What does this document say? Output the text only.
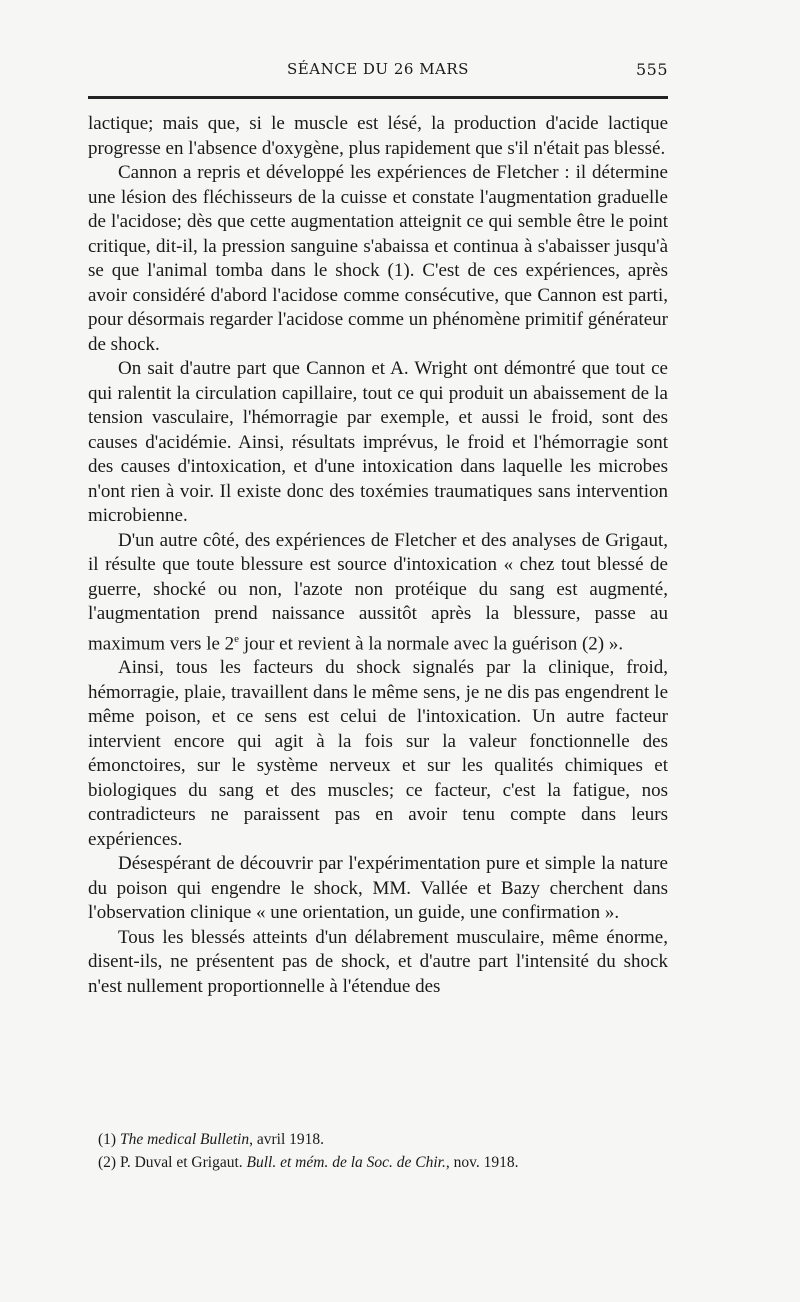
SÉANCE DU 26 MARS	555

lactique; mais que, si le muscle est lésé, la production d'acide lactique progresse en l'absence d'oxygène, plus rapidement que s'il n'était pas blessé.

Cannon a repris et développé les expériences de Fletcher : il détermine une lésion des fléchisseurs de la cuisse et constate l'augmentation graduelle de l'acidose; dès que cette augmentation atteignit ce qui semble être le point critique, dit-il, la pression sanguine s'abaissa et continua à s'abaisser jusqu'à se que l'animal tomba dans le shock (1). C'est de ces expériences, après avoir considéré d'abord l'acidose comme consécutive, que Cannon est parti, pour désormais regarder l'acidose comme un phénomène primitif générateur de shock.

On sait d'autre part que Cannon et A. Wright ont démontré que tout ce qui ralentit la circulation capillaire, tout ce qui produit un abaissement de la tension vasculaire, l'hémorragie par exemple, et aussi le froid, sont des causes d'acidémie. Ainsi, résultats imprévus, le froid et l'hémorragie sont des causes d'intoxication, et d'une intoxication dans laquelle les microbes n'ont rien à voir. Il existe donc des toxémies traumatiques sans intervention microbienne.

D'un autre côté, des expériences de Fletcher et des analyses de Grigaut, il résulte que toute blessure est source d'intoxication « chez tout blessé de guerre, shocké ou non, l'azote non protéique du sang est augmenté, l'augmentation prend naissance aussitôt après la blessure, passe au maximum vers le 2e jour et revient à la normale avec la guérison (2) ».

Ainsi, tous les facteurs du shock signalés par la clinique, froid, hémorragie, plaie, travaillent dans le même sens, je ne dis pas engendrent le même poison, et ce sens est celui de l'intoxication. Un autre facteur intervient encore qui agit à la fois sur la valeur fonctionnelle des émonctoires, sur le système nerveux et sur les qualités chimiques et biologiques du sang et des muscles; ce facteur, c'est la fatigue, nos contradicteurs ne paraissent pas en avoir tenu compte dans leurs expériences.

Désespérant de découvrir par l'expérimentation pure et simple la nature du poison qui engendre le shock, MM. Vallée et Bazy cherchent dans l'observation clinique « une orientation, un guide, une confirmation ».

Tous les blessés atteints d'un délabrement musculaire, même énorme, disent-ils, ne présentent pas de shock, et d'autre part l'intensité du shock n'est nullement proportionnelle à l'étendue des

(1) The medical Bulletin, avril 1918.
(2) P. Duval et Grigaut. Bull. et mém. de la Soc. de Chir., nov. 1918.
